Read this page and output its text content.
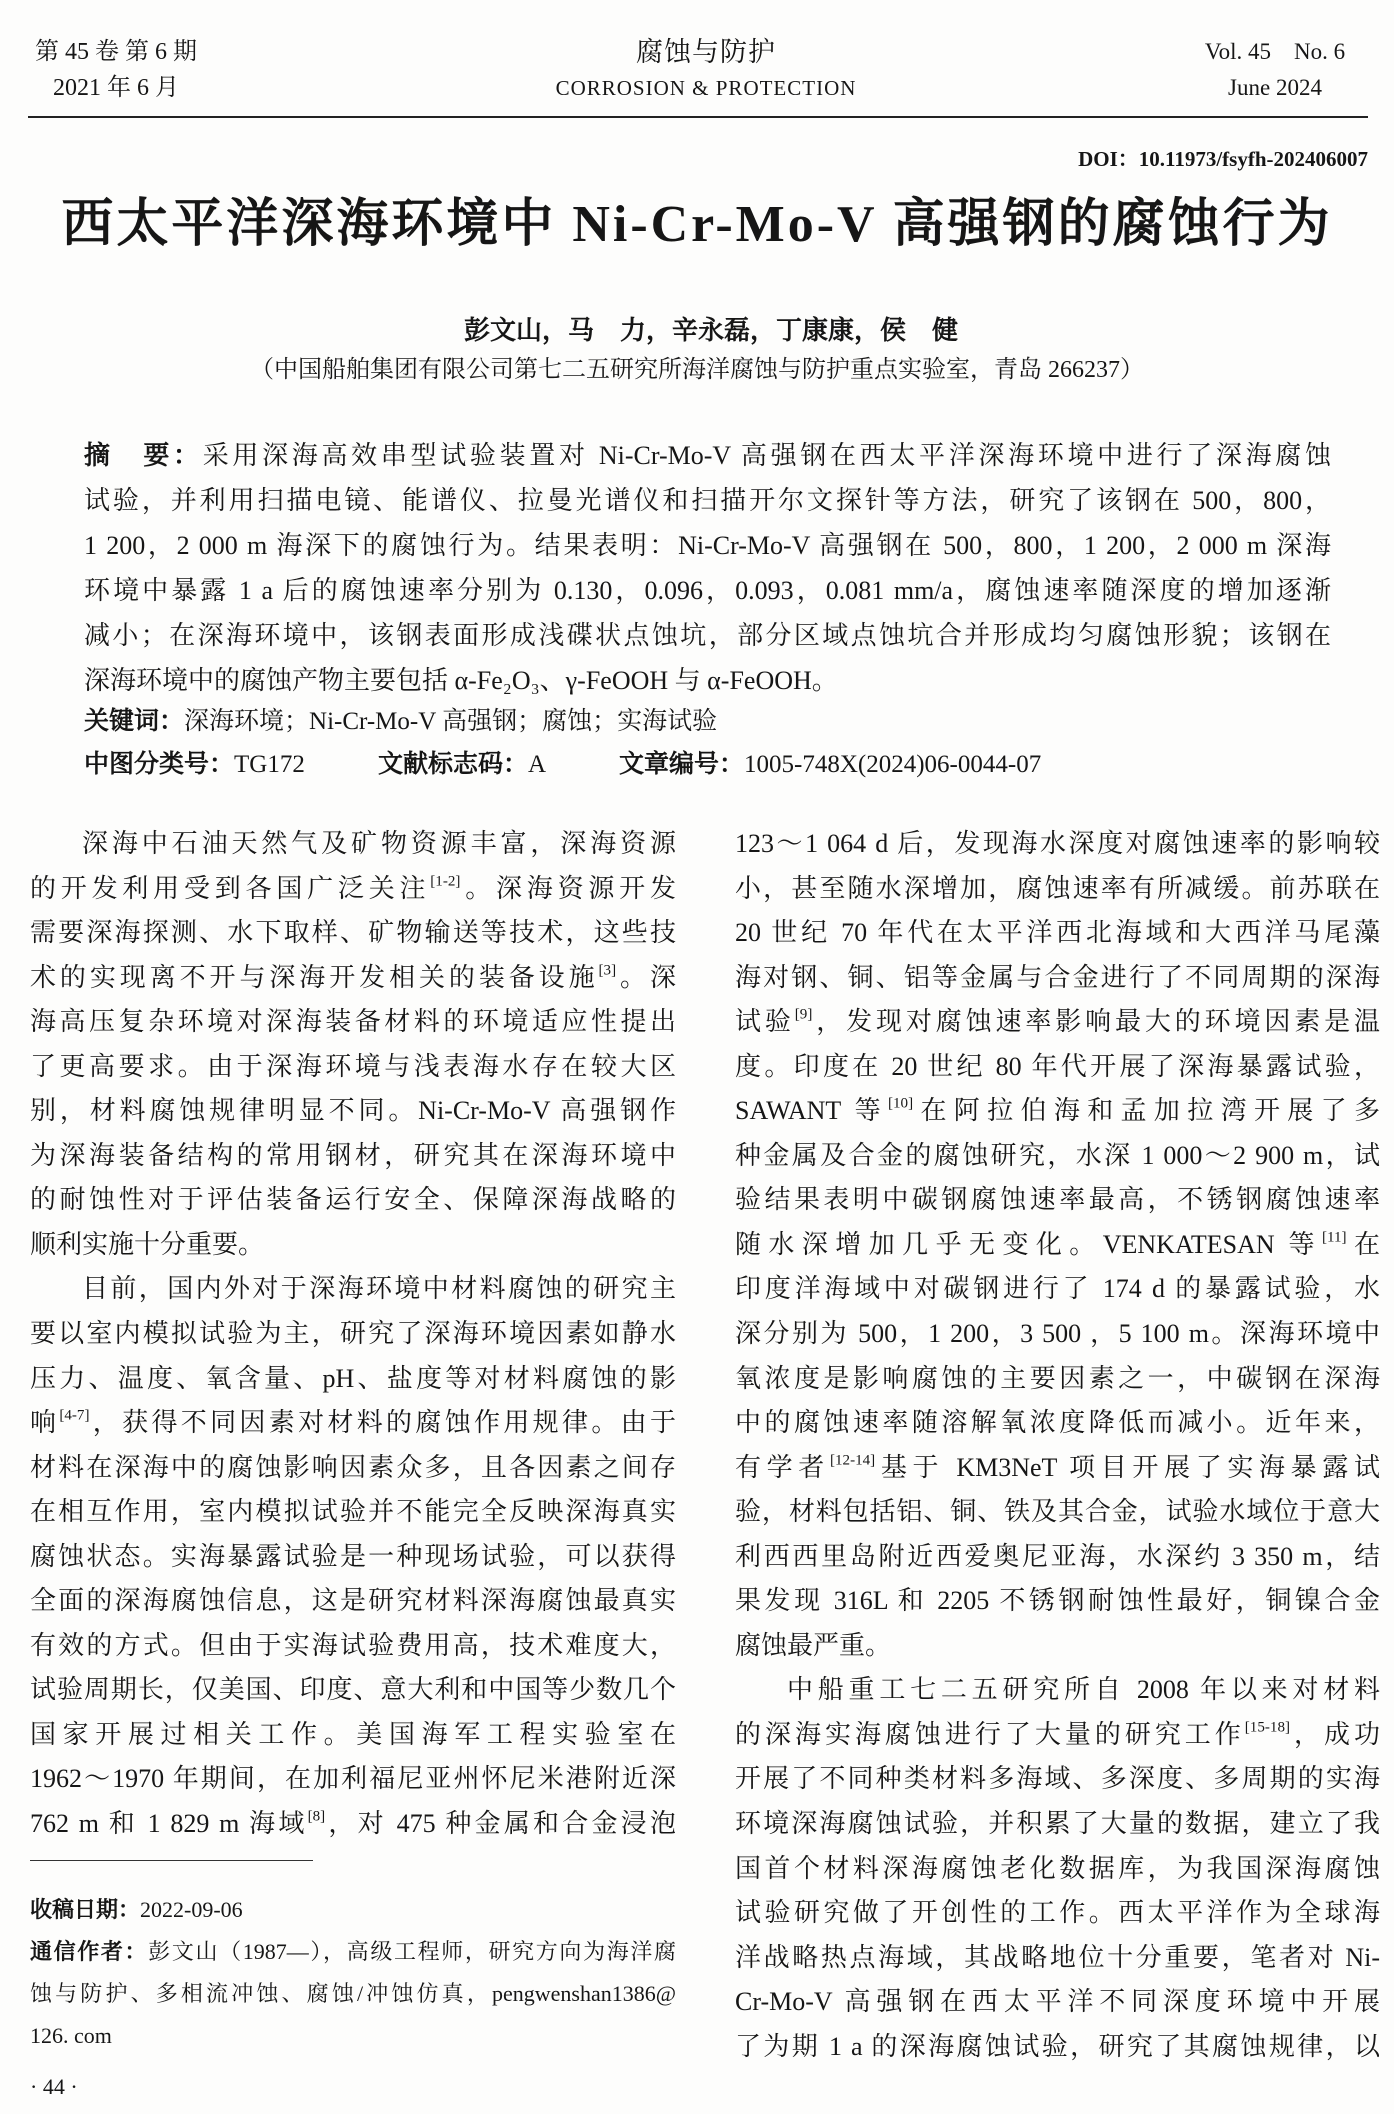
第 45 卷 第 6 期
2021 年 6 月
腐蚀与防护
CORROSION & PROTECTION
Vol. 45　No. 6
June 2024
DOI：10.11973/fsyfh-202406007
西太平洋深海环境中 Ni-Cr-Mo-V 高强钢的腐蚀行为
彭文山，马　力，辛永磊，丁康康，侯　健
（中国船舶集团有限公司第七二五研究所海洋腐蚀与防护重点实验室，青岛 266237）
摘　要：采用深海高效串型试验装置对 Ni-Cr-Mo-V 高强钢在西太平洋深海环境中进行了深海腐蚀
试验，并利用扫描电镜、能谱仪、拉曼光谱仪和扫描开尔文探针等方法，研究了该钢在 500，800，
1 200，2 000 m 海深下的腐蚀行为。结果表明：Ni-Cr-Mo-V 高强钢在 500，800，1 200，2 000 m 深海
环境中暴露 1 a 后的腐蚀速率分别为 0.130，0.096，0.093，0.081 mm/a，腐蚀速率随深度的增加逐渐
减小；在深海环境中，该钢表面形成浅碟状点蚀坑，部分区域点蚀坑合并形成均匀腐蚀形貌；该钢在
深海环境中的腐蚀产物主要包括 α-Fe₂O₃、γ-FeOOH 与 α-FeOOH。
关键词：深海环境；Ni-Cr-Mo-V 高强钢；腐蚀；实海试验
中图分类号：TG172	文献标志码：A	文章编号：1005-748X(2024)06-0044-07
深海中石油天然气及矿物资源丰富，深海资源
的开发利用受到各国广泛关注[1-2]。深海资源开发
需要深海探测、水下取样、矿物输送等技术，这些技
术的实现离不开与深海开发相关的装备设施[3]。深
海高压复杂环境对深海装备材料的环境适应性提出
了更高要求。由于深海环境与浅表海水存在较大区
别，材料腐蚀规律明显不同。Ni-Cr-Mo-V 高强钢作
为深海装备结构的常用钢材，研究其在深海环境中
的耐蚀性对于评估装备运行安全、保障深海战略的
顺利实施十分重要。
目前，国内外对于深海环境中材料腐蚀的研究主
要以室内模拟试验为主，研究了深海环境因素如静水
压力、温度、氧含量、pH、盐度等对材料腐蚀的影
响[4-7]，获得不同因素对材料的腐蚀作用规律。由于
材料在深海中的腐蚀影响因素众多，且各因素之间存
在相互作用，室内模拟试验并不能完全反映深海真实
腐蚀状态。实海暴露试验是一种现场试验，可以获得
全面的深海腐蚀信息，这是研究材料深海腐蚀最真实
有效的方式。但由于实海试验费用高，技术难度大，
试验周期长，仅美国、印度、意大利和中国等少数几个
国家开展过相关工作。美国海军工程实验室在
1962～1970 年期间，在加利福尼亚州怀尼米港附近深
762 m 和 1 829 m 海域[8]，对 475 种金属和合金浸泡
123～1 064 d 后，发现海水深度对腐蚀速率的影响较
小，甚至随水深增加，腐蚀速率有所减缓。前苏联在
20 世纪 70 年代在太平洋西北海域和大西洋马尾藻
海对钢、铜、铝等金属与合金进行了不同周期的深海
试验[9]，发现对腐蚀速率影响最大的环境因素是温
度。印度在 20 世纪 80 年代开展了深海暴露试验，
SAWANT 等[10]在阿拉伯海和孟加拉湾开展了多
种金属及合金的腐蚀研究，水深 1 000～2 900 m，试
验结果表明中碳钢腐蚀速率最高，不锈钢腐蚀速率
随水深增加几乎无变化。VENKATESAN 等[11]在
印度洋海域中对碳钢进行了 174 d 的暴露试验，水
深分别为 500，1 200，3 500 ，5 100 m。深海环境中
氧浓度是影响腐蚀的主要因素之一，中碳钢在深海
中的腐蚀速率随溶解氧浓度降低而减小。近年来，
有学者[12-14]基于 KM3NeT 项目开展了实海暴露试
验，材料包括铝、铜、铁及其合金，试验水域位于意大
利西西里岛附近西爱奥尼亚海，水深约 3 350 m，结
果发现 316L 和 2205 不锈钢耐蚀性最好，铜镍合金
腐蚀最严重。
中船重工七二五研究所自 2008 年以来对材料
的深海实海腐蚀进行了大量的研究工作[15-18]，成功
开展了不同种类材料多海域、多深度、多周期的实海
环境深海腐蚀试验，并积累了大量的数据，建立了我
国首个材料深海腐蚀老化数据库，为我国深海腐蚀
试验研究做了开创性的工作。西太平洋作为全球海
洋战略热点海域，其战略地位十分重要，笔者对 Ni-
Cr-Mo-V 高强钢在西太平洋不同深度环境中开展
了为期 1 a 的深海腐蚀试验，研究了其腐蚀规律，以
收稿日期：2022-09-06
通信作者：彭文山（1987—），高级工程师，研究方向为海洋腐
蚀与防护、多相流冲蚀、腐蚀/冲蚀仿真，pengwenshan1386@
126. com
· 44 ·
